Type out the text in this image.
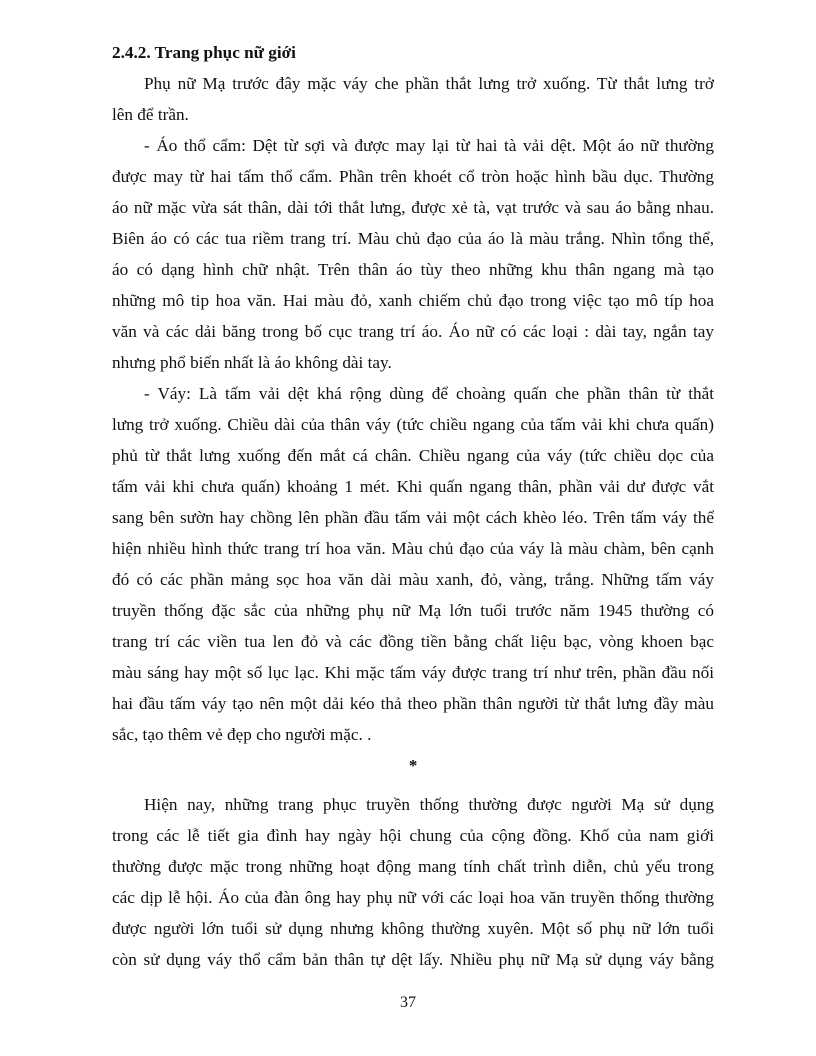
2.4.2. Trang phục nữ giới
Phụ nữ Mạ trước đây mặc váy che phần thắt lưng trở xuống. Từ thắt lưng trở
lên để trần.
- Áo thổ cẩm: Dệt từ sợi và được may lại từ hai tà vải dệt. Một áo nữ thường
được may từ hai tấm thổ cẩm. Phần trên khoét cổ tròn hoặc hình bầu dục. Thường
áo nữ mặc vừa sát thân, dài tới thắt lưng, được xẻ tà, vạt trước và sau áo bằng nhau.
Biên áo có các tua riềm trang trí. Màu chủ đạo của áo là màu trắng. Nhìn tổng thể,
áo có dạng hình chữ nhật. Trên thân áo tùy theo những khu thân ngang mà tạo
những mô tip hoa văn. Hai màu đỏ, xanh chiếm chủ đạo trong việc tạo mô típ hoa
văn và các dải băng trong bố cục trang trí áo. Áo nữ có các loại : dài tay, ngắn tay
nhưng phổ biến nhất là áo không dài tay.
- Váy: Là tấm vải dệt khá rộng dùng để choàng quấn che phần thân từ thắt
lưng trở xuống. Chiều dài của thân váy (tức chiều ngang của tấm vải khi chưa quấn)
phủ từ thắt lưng xuống đến mắt cá chân. Chiều ngang của váy (tức chiều dọc của
tấm vải khi chưa quấn) khoảng 1 mét. Khi quấn ngang thân, phần vải dư được vắt
sang bên sườn hay chồng lên phần đầu tấm vải một cách khèo léo. Trên tấm váy thể
hiện nhiều hình thức trang trí hoa văn. Màu chủ đạo của váy là màu chàm, bên cạnh
đó có các phần mảng sọc hoa văn dài màu xanh, đỏ, vàng, trắng. Những tấm váy
truyền thống đặc sắc của những phụ nữ Mạ lớn tuổi trước năm 1945 thường có
trang trí các viền tua len đỏ và các đồng tiền bằng chất liệu bạc, vòng khoen bạc
màu sáng hay một số lục lạc. Khi mặc tấm váy được trang trí như trên, phần đầu nối
hai đầu tấm váy tạo nên một dải kéo thả theo phần thân người từ thắt lưng đầy màu
sắc, tạo thêm vẻ đẹp cho người mặc. .
*
Hiện nay, những trang phục truyền thống thường được người Mạ sử dụng
trong các lễ tiết gia đình hay ngày hội chung của cộng đồng. Khố của nam giới
thường được mặc trong những hoạt động mang tính chất trình diễn, chủ yếu trong
các dịp lễ hội. Áo của đàn ông hay phụ nữ với các loại hoa văn truyền thống thường
được người lớn tuổi sử dụng nhưng không thường xuyên. Một số phụ nữ lớn tuổi
còn sử dụng váy thổ cẩm bản thân tự dệt lấy. Nhiều phụ nữ Mạ sử dụng váy bằng
37
